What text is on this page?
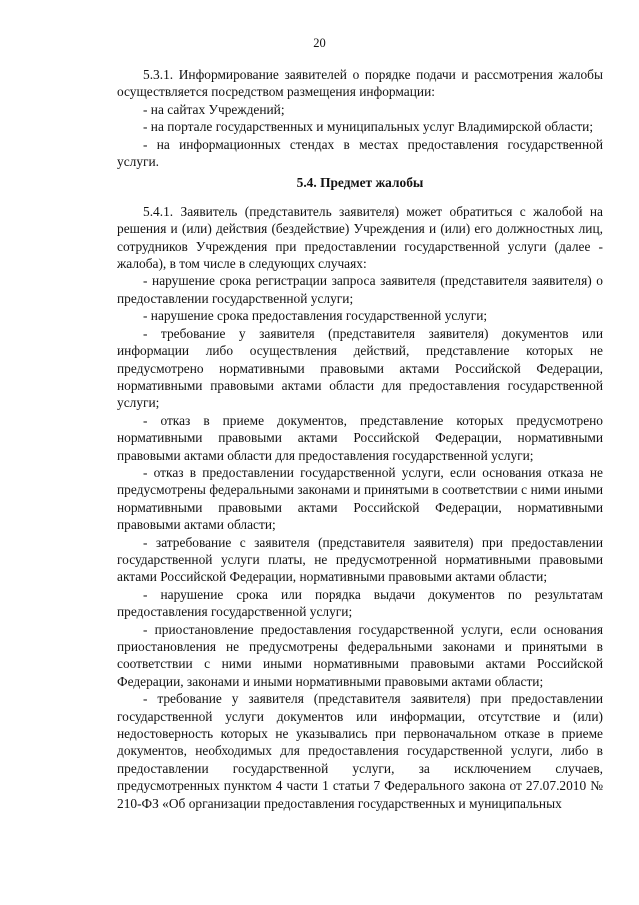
20

5.3.1. Информирование заявителей о порядке подачи и рассмотрения жалобы осуществляется посредством размещения информации:

- на сайтах Учреждений;

- на портале государственных и муниципальных услуг Владимирской области;

- на информационных стендах в местах предоставления государственной услуги.

5.4. Предмет жалобы

5.4.1. Заявитель (представитель заявителя) может обратиться с жалобой на решения и (или) действия (бездействие) Учреждения и (или) его должностных лиц, сотрудников Учреждения при предоставлении государственной услуги (далее - жалоба), в том числе в следующих случаях:

- нарушение срока регистрации запроса заявителя (представителя заявителя) о предоставлении государственной услуги;

- нарушение срока предоставления государственной услуги;

- требование у заявителя (представителя заявителя) документов или информации либо осуществления действий, представление которых не предусмотрено нормативными правовыми актами Российской Федерации, нормативными правовыми актами области для предоставления государственной услуги;

- отказ в приеме документов, представление которых предусмотрено нормативными правовыми актами Российской Федерации, нормативными правовыми актами области для предоставления государственной услуги;

- отказ в предоставлении государственной услуги, если основания отказа не предусмотрены федеральными законами и принятыми в соответствии с ними иными нормативными правовыми актами Российской Федерации, нормативными правовыми актами области;

- затребование с заявителя (представителя заявителя) при предоставлении государственной услуги платы, не предусмотренной нормативными правовыми актами Российской Федерации, нормативными правовыми актами области;

- нарушение срока или порядка выдачи документов по результатам предоставления государственной услуги;

- приостановление предоставления государственной услуги, если основания приостановления не предусмотрены федеральными законами и принятыми в соответствии с ними иными нормативными правовыми актами Российской Федерации, законами и иными нормативными правовыми актами области;

- требование у заявителя (представителя заявителя) при предоставлении государственной услуги документов или информации, отсутствие и (или) недостоверность которых не указывались при первоначальном отказе в приеме документов, необходимых для предоставления государственной услуги, либо в предоставлении государственной услуги, за исключением случаев, предусмотренных пунктом 4 части 1 статьи 7 Федерального закона от 27.07.2010 № 210-ФЗ «Об организации предоставления государственных и муниципальных
